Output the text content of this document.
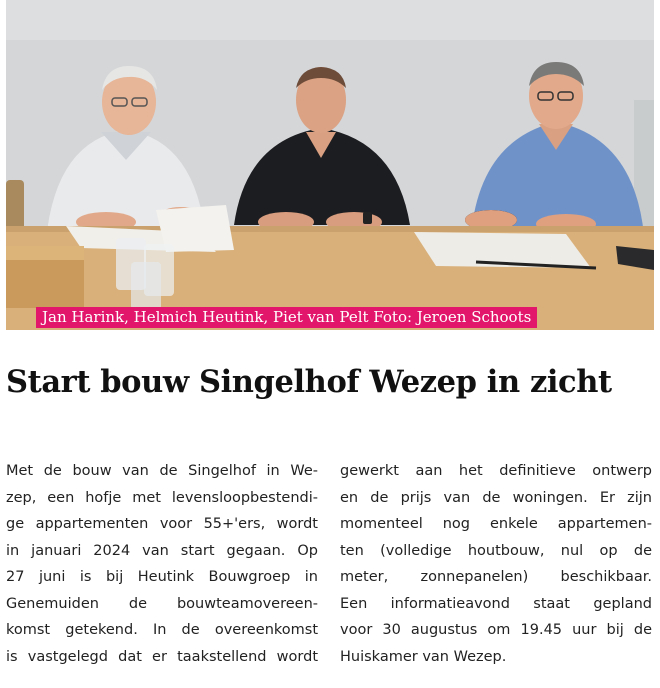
Jan Harink, Helmich Heutink, Piet van Pelt Foto: Jeroen Schoots
Start bouw Singelhof Wezep in zicht
Met de bouw van de Singelhof in We-
zep, een hofje met levensloopbestendi-
ge appartementen voor 55+'ers, wordt
in januari 2024 van start gegaan. Op
27 juni is bij Heutink Bouwgroep in
Genemuiden de bouwteamovereen-
komst getekend. In de overeenkomst
is vastgelegd dat er taakstellend wordt
gewerkt aan het definitieve ontwerp
en de prijs van de woningen. Er zijn
momenteel nog enkele appartemen-
ten (volledige houtbouw, nul op de
meter, zonnepanelen) beschikbaar.
Een informatieavond staat gepland
voor 30 augustus om 19.45 uur bij de
Huiskamer van Wezep.
